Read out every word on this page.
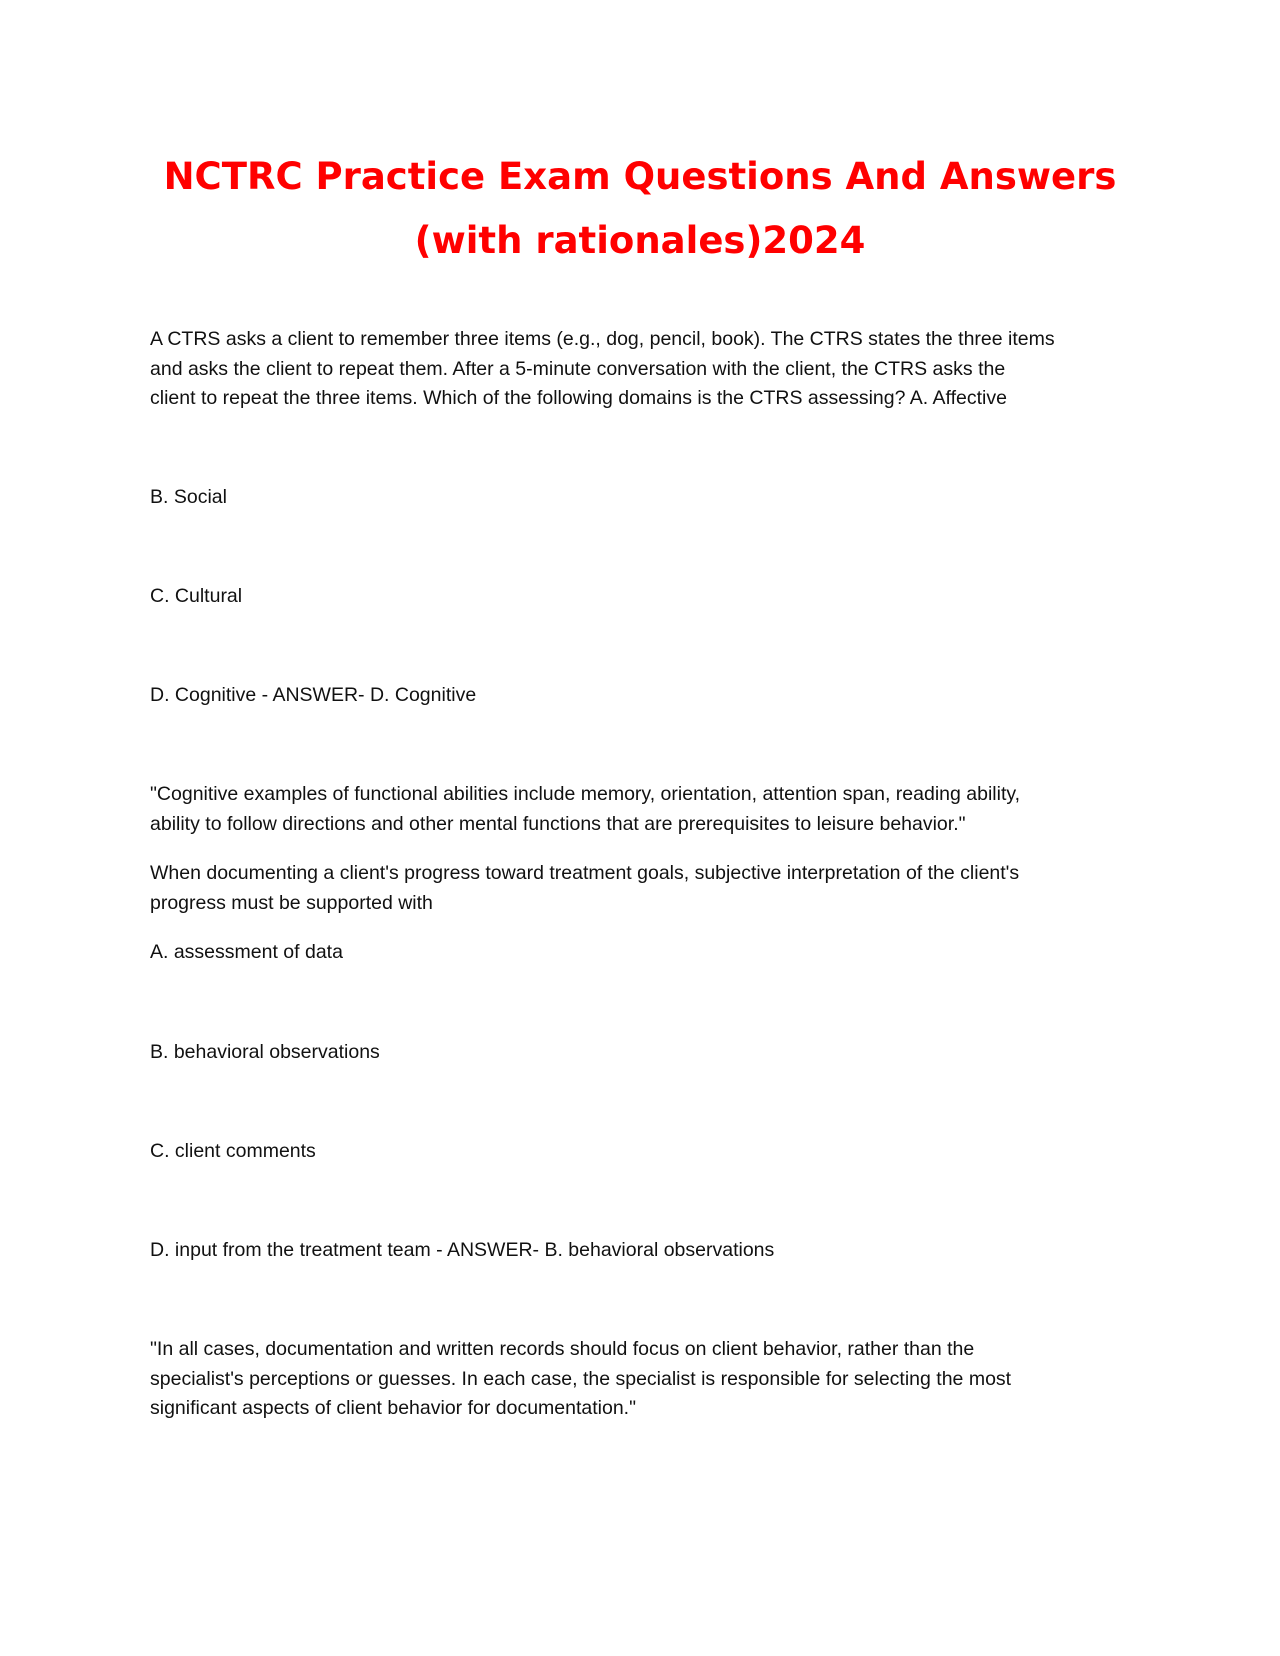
NCTRC Practice Exam Questions And Answers
(with rationales)2024

A CTRS asks a client to remember three items (e.g., dog, pencil, book). The CTRS states the three items

and asks the client to repeat them. After a 5-minute conversation with the client, the CTRS asks the

client to repeat the three items. Which of the following domains is the CTRS assessing? A. Affective

B. Social

C. Cultural

D. Cognitive - ANSWER- D. Cognitive

"Cognitive examples of functional abilities include memory, orientation, attention span, reading ability,

ability to follow directions and other mental functions that are prerequisites to leisure behavior."

When documenting a client's progress toward treatment goals, subjective interpretation of the client's

progress must be supported with

A. assessment of data

B. behavioral observations

C. client comments

D. input from the treatment team - ANSWER- B. behavioral observations

"In all cases, documentation and written records should focus on client behavior, rather than the

specialist's perceptions or guesses. In each case, the specialist is responsible for selecting the most

significant aspects of client behavior for documentation."
